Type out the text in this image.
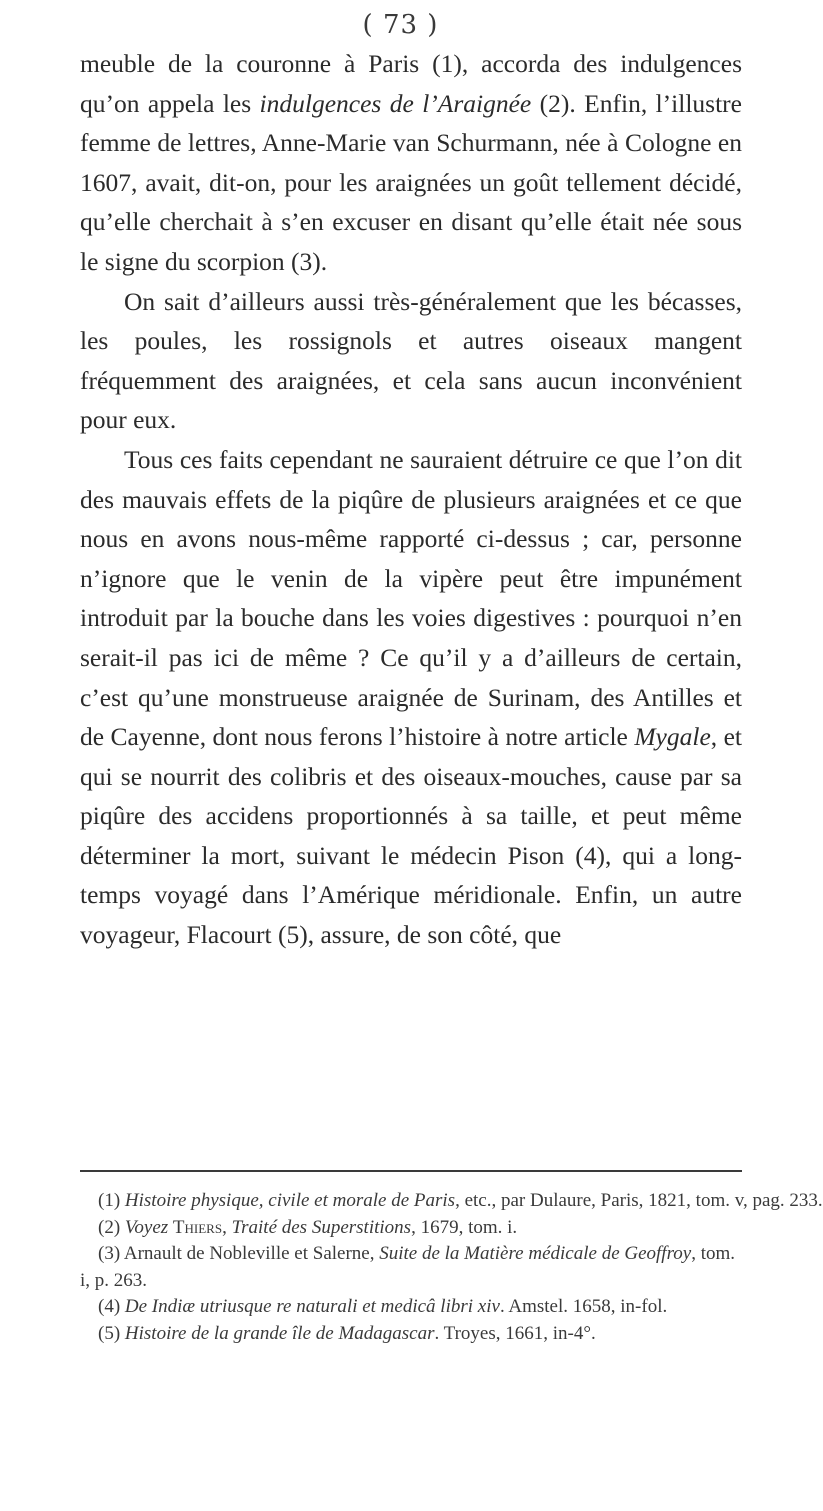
( 73 )

meuble de la couronne à Paris (1), accorda des indulgences qu’on appela les indulgences de l’Araignée (2). Enfin, l’illustre femme de lettres, Anne-Marie van Schurmann, née à Cologne en 1607, avait, dit-on, pour les araignées un goût tellement décidé, qu’elle cherchait à s’en excuser en disant qu’elle était née sous le signe du scorpion (3).

On sait d’ailleurs aussi très-généralement que les bécasses, les poules, les rossignols et autres oiseaux mangent fréquemment des araignées, et cela sans aucun inconvénient pour eux.

Tous ces faits cependant ne sauraient détruire ce que l’on dit des mauvais effets de la piqûre de plusieurs araignées et ce que nous en avons nous-même rapporté ci-dessus ; car, personne n’ignore que le venin de la vipère peut être impunément introduit par la bouche dans les voies digestives : pourquoi n’en serait-il pas ici de même ? Ce qu’il y a d’ailleurs de certain, c’est qu’une monstrueuse araignée de Surinam, des Antilles et de Cayenne, dont nous ferons l’histoire à notre article Mygale, et qui se nourrit des colibris et des oiseaux-mouches, cause par sa piqûre des accidens proportionnés à sa taille, et peut même déterminer la mort, suivant le médecin Pison (4), qui a long-temps voyagé dans l’Amérique méridionale. Enfin, un autre voyageur, Flacourt (5), assure, de son côté, que

(1) Histoire physique, civile et morale de Paris, etc., par Dulaure, Paris, 1821, tom. v, pag. 233.

(2) Voyez Thiers, Traité des Superstitions, 1679, tom. i.

(3) Arnault de Nobleville et Salerne, Suite de la Matière médicale de Geoffroy, tom. i, p. 263.

(4) De Indiæ utriusque re naturali et medicâ libri xiv. Amstel. 1658, in-fol.

(5) Histoire de la grande île de Madagascar. Troyes, 1661, in-4°.
